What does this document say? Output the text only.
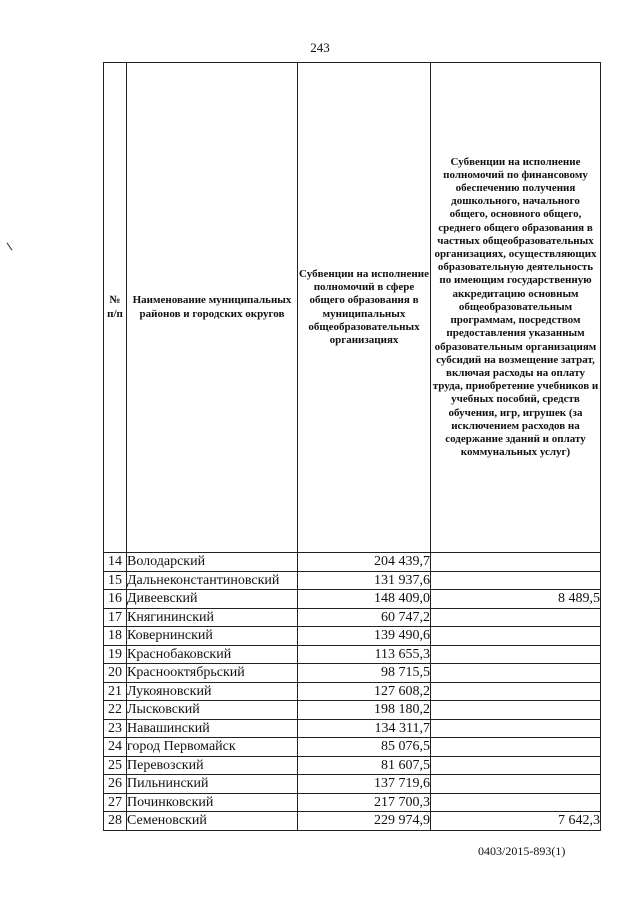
243
№ п/п	Наименование муниципальных районов и городских округов	Субвенции на исполнение полномочий в сфере общего образования в муниципальных общеобразовательных организациях	Субвенции на исполнение полномочий по финансовому обеспечению получения дошкольного, начального общего, основного общего, среднего общего образования в частных общеобразовательных организациях, осуществляющих образовательную деятельность по имеющим государственную аккредитацию основным общеобразовательным программам, посредством предоставления указанным образовательным организациям субсидий на возмещение затрат, включая расходы на оплату труда, приобретение учебников и учебных пособий, средств обучения, игр, игрушек (за исключением расходов на содержание зданий и оплату коммунальных услуг)
14	Володарский	204 439,7	
15	Дальнеконстантиновский	131 937,6	
16	Дивеевский	148 409,0	8 489,5
17	Княгининский	60 747,2	
18	Ковернинский	139 490,6	
19	Краснобаковский	113 655,3	
20	Краснооктябрьский	98 715,5	
21	Лукояновский	127 608,2	
22	Лысковский	198 180,2	
23	Навашинский	134 311,7	
24	город Первомайск	85 076,5	
25	Перевозский	81 607,5	
26	Пильнинский	137 719,6	
27	Починковский	217 700,3	
28	Семеновский	229 974,9	7 642,3
0403/2015-893(1)
